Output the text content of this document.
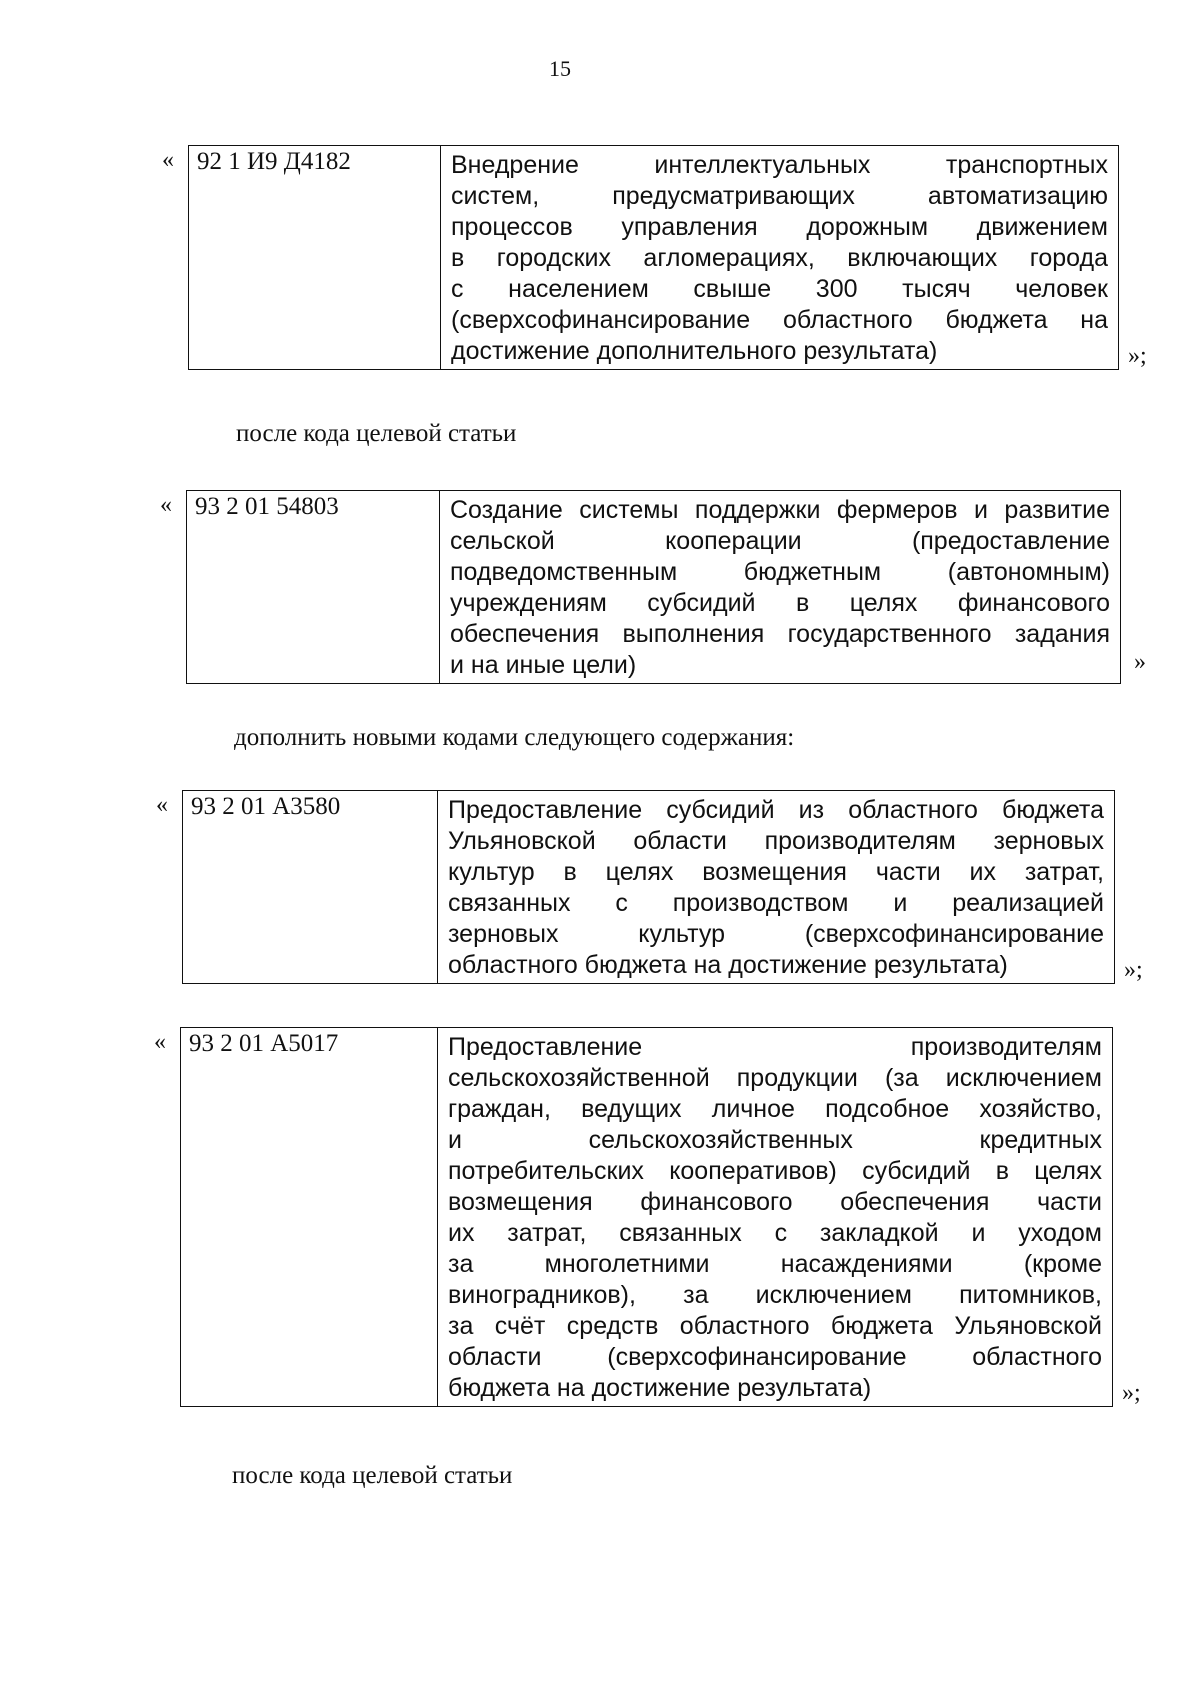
15
« 92 1 И9 Д4182	Внедрение интеллектуальных транспортных
систем, предусматривающих автоматизацию
процессов управления дорожным движением
в городских агломерациях, включающих города
с населением свыше 300 тысяч человек
(сверхсофинансирование областного бюджета на
достижение дополнительного результата)	»;
после кода целевой статьи
« 93 2 01 54803	Создание системы поддержки фермеров и развитие
сельской кооперации (предоставление
подведомственным бюджетным (автономным)
учреждениям субсидий в целях финансового
обеспечения выполнения государственного задания
и на иные цели)	»
дополнить новыми кодами следующего содержания:
« 93 2 01 А3580	Предоставление субсидий из областного бюджета
Ульяновской области производителям зерновых
культур в целях возмещения части их затрат,
связанных с производством и реализацией
зерновых культур (сверхсофинансирование
областного бюджета на достижение результата)	»;
« 93 2 01 А5017	Предоставление производителям
сельскохозяйственной продукции (за исключением
граждан, ведущих личное подсобное хозяйство,
и сельскохозяйственных кредитных
потребительских кооперативов) субсидий в целях
возмещения финансового обеспечения части
их затрат, связанных с закладкой и уходом
за многолетними насаждениями (кроме
виноградников), за исключением питомников,
за счёт средств областного бюджета Ульяновской
области (сверхсофинансирование областного
бюджета на достижение результата)	»;
после кода целевой статьи
